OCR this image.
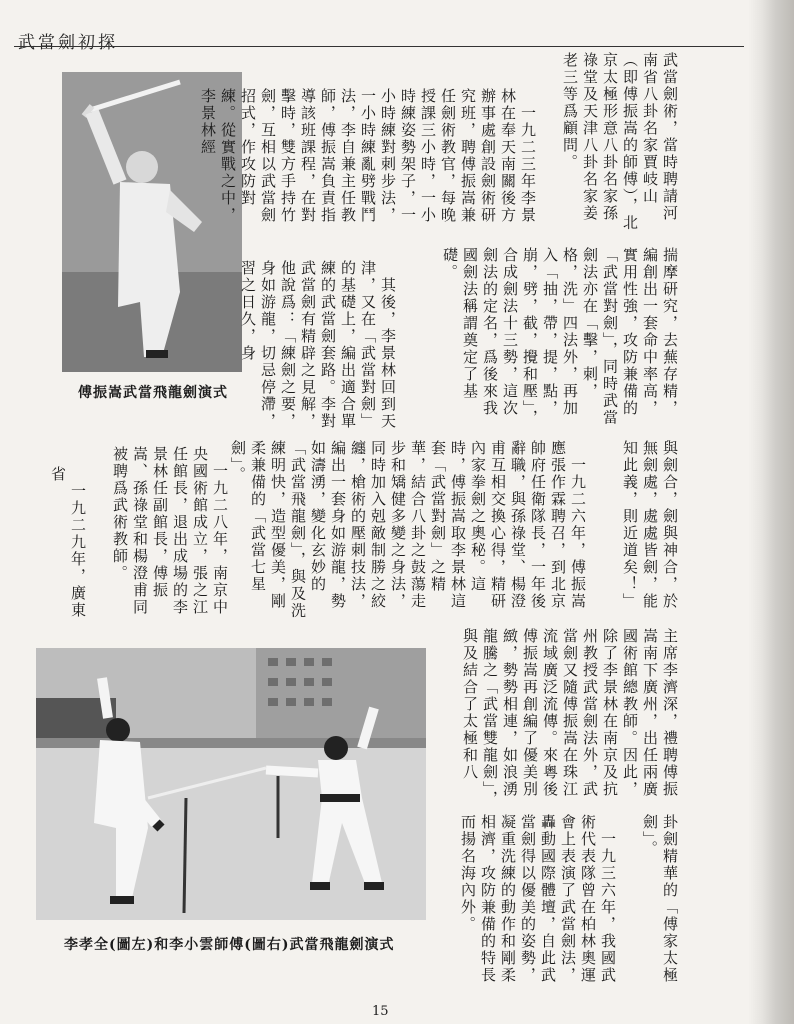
武當劍初探
傅振嵩武當飛龍劍演式
武當劍術，當時聘請河南省八卦名家賈岐山（即傅振嵩的師傅），北京太極形意八卦名家孫祿堂及天津八卦名家姜老三等爲顧問。
　一九二三年李景林在奉天南關後方辦事處創設劍術研究班，聘傅振嵩兼任劍術教官，每晚授課三小時，一小時練姿勢架子，一小時練對刺步法，一小時練亂劈戰鬥法，李自兼主任教師，傅振嵩負責指導該班課程，在對擊時，雙方手持竹劍，互相以武當劍招式，作攻防對練。從實戰之中，李景林經
揣摩研究，去蕪存精，編創出一套命中率高，實用性強，攻防兼備的「武當對劍」，同時武當劍法亦在「擊，刺，格，洗」四法外，再加入「抽，帶，提，點，崩，劈，截，攪和壓」，合成劍法十三勢，這次劍法的定名，爲後來我國劍法稱謂奠定了基礎。
　其後，李景林回到天津，又在「武當對劍」的基礎上，編出適合單練的武當劍套路。李對武當劍有精辟之見解，他說爲：「練劍之要，身如游龍，切忌停滯，習之日久，身
與劍合，劍與神合，於無劍處，處處皆劍，能知此義，則近道矣！」
　一九二六年，傅振嵩應張作霖聘召，到北京帥府任衛隊長，一年後辭職，與孫祿堂、楊澄甫互相交換心得，精研內家拳劍之奧秘。這時，傅振嵩取李景林這套「武當對劍」之精華，結合八卦之鼓蕩走步和矯健多變之身法，同時加入剋敵制勝之絞纏，槍術的壓刺技法，編出一套身如游龍，勢如濤湧，變化玄妙的「武當飛龍劍」，與及洗練明快，造型優美，剛柔兼備的「武當七星劍」。
　一九二八年，南京中央國術館成立，張之江任館長，退出成場的李景林任副館長，傅振嵩、孫祿堂和楊澄甫同被聘爲武術教師。
　一九二九年，廣東省
李孝全(圖左)和李小雲師傅(圖右)武當飛龍劍演式
主席李濟深，禮聘傅振嵩南下廣州，出任兩廣國術館總教師。因此，除了李景林在南京及抗州教授武當劍法外，武當劍又隨傅振嵩在珠江流域廣泛流傳。來粵後傅振嵩再創編了優美別緻，勢勢相連，如浪湧龍騰之「武當雙龍劍」，與及結合了太極和八
卦劍精華的「傅家太極劍」。
　一九三六年，我國武術代表隊曾在柏林奧運會上表演了武當劍法，轟動國際體壇，自此武當劍得以優美的姿勢，凝重洗練的動作和剛柔相濟，攻防兼備的特長而揚名海內外。
15
